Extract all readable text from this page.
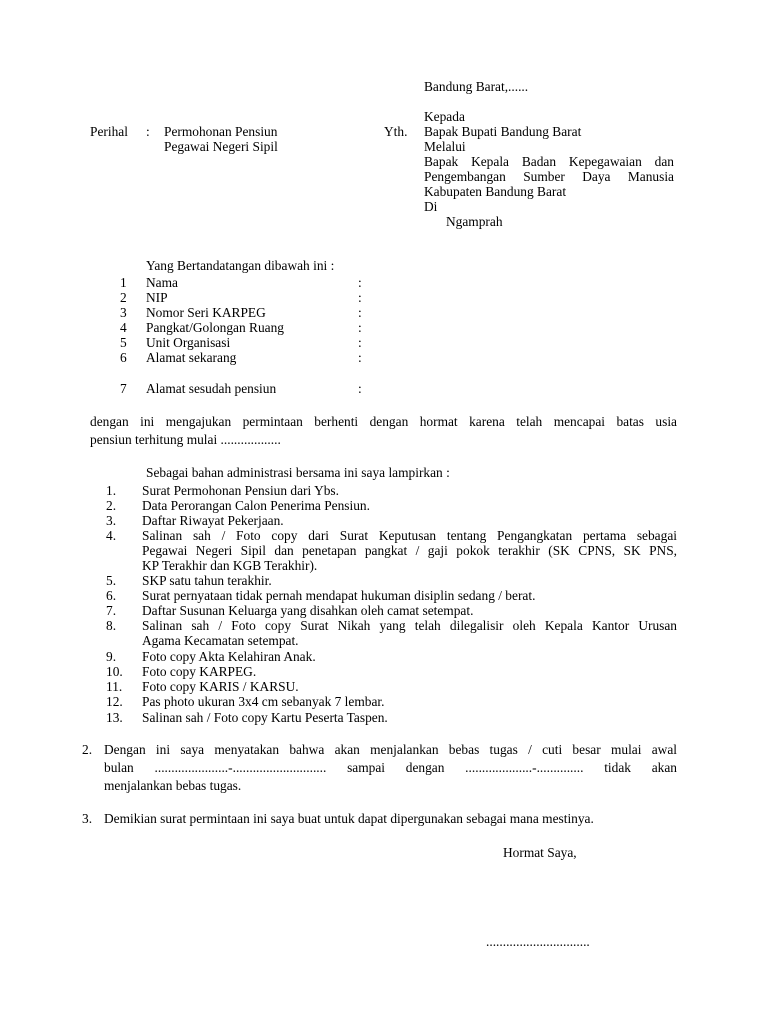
Bandung Barat,......
Perihal : Permohonan Pensiun
Pegawai Negeri Sipil
Yth.
Kepada
Bapak Bupati Bandung Barat
Melalui
Bapak Kepala Badan Kepegawaian dan
Pengembangan Sumber Daya Manusia
Kabupaten Bandung Barat
Di
Ngamprah
Yang Bertandatangan dibawah ini :
1 Nama	:
2 NIP	:
3 Nomor Seri KARPEG	:
4 Pangkat/Golongan Ruang	:
5 Unit Organisasi	:
6 Alamat sekarang	:
7 Alamat sesudah pensiun	:
dengan ini mengajukan permintaan berhenti dengan hormat karena telah mencapai batas usia
pensiun terhitung mulai ..................
Sebagai bahan administrasi bersama ini saya lampirkan :
1. Surat Permohonan Pensiun dari Ybs.
2. Data Perorangan Calon Penerima Pensiun.
3. Daftar Riwayat Pekerjaan.
4. Salinan sah / Foto copy dari Surat Keputusan tentang Pengangkatan pertama sebagai
Pegawai Negeri Sipil dan penetapan pangkat / gaji pokok terakhir (SK CPNS, SK PNS,
KP Terakhir dan KGB Terakhir).
5. SKP satu tahun terakhir.
6. Surat pernyataan tidak pernah mendapat hukuman disiplin sedang / berat.
7. Daftar Susunan Keluarga yang disahkan oleh camat setempat.
8. Salinan sah / Foto copy Surat Nikah yang telah dilegalisir oleh Kepala Kantor Urusan
Agama Kecamatan setempat.
9. Foto copy Akta Kelahiran Anak.
10. Foto copy KARPEG.
11. Foto copy KARIS / KARSU.
12. Pas photo ukuran 3x4 cm sebanyak 7 lembar.
13. Salinan sah / Foto copy Kartu Peserta Taspen.
2. Dengan ini saya menyatakan bahwa akan menjalankan bebas tugas / cuti besar mulai awal
bulan ......................-............................ sampai dengan ....................-.............. tidak akan
menjalankan bebas tugas.
3. Demikian surat permintaan ini saya buat untuk dapat dipergunakan sebagai mana mestinya.
Hormat Saya,
...............................
